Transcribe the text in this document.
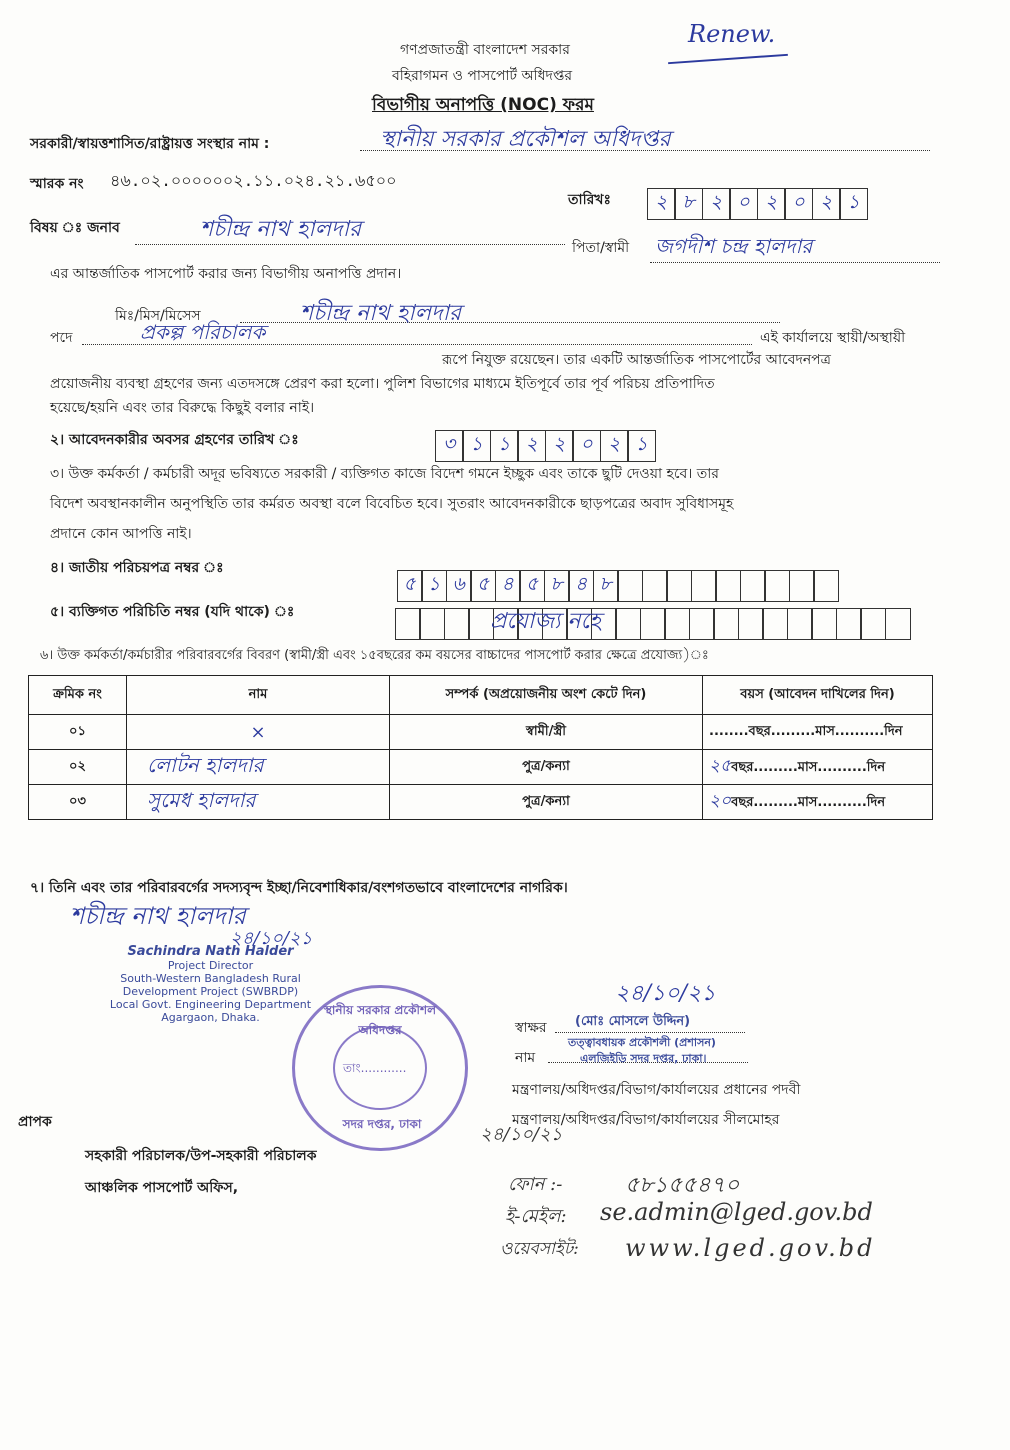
গণপ্রজাতন্ত্রী বাংলাদেশ সরকার
বহিরাগমন ও পাসপোর্ট অধিদপ্তর
বিভাগীয় অনাপত্তি (NOC) ফরম
Renew.
সরকারী/স্বায়ত্তশাসিত/রাষ্ট্রায়ত্ত সংস্থার নাম :	স্থানীয় সরকার প্রকৌশল অধিদপ্তর
স্মারক নং ৪৬.০২.০০০০০০২.১১.০২৪.২১.৬৫০০
তারিখঃ	২ ৮ ২ ০ ২ ০ ২ ১
বিষয় ঃ জনাব	শচীন্দ্র নাথ হালদার
পিতা/স্বামী জগদীশ চন্দ্র হালদার
এর আন্তর্জাতিক পাসপোর্ট করার জন্য বিভাগীয় অনাপত্তি প্রদান।
মিঃ/মিস/মিসেস	শচীন্দ্র নাথ হালদার
পদে	প্রকল্প পরিচালক	এই কার্যালয়ে স্থায়ী/অস্থায়ী
রূপে নিযুক্ত রয়েছেন। তার একটি আন্তর্জাতিক পাসপোর্টের আবেদনপত্র
প্রয়োজনীয় ব্যবস্থা গ্রহণের জন্য এতদসঙ্গে প্রেরণ করা হলো। পুলিশ বিভাগের মাধ্যমে ইতিপূর্বে তার পূর্ব পরিচয় প্রতিপাদিত
হয়েছে/হয়নি এবং তার বিরুদ্ধে কিছুই বলার নাই।
২। আবেদনকারীর অবসর গ্রহণের তারিখ ঃ	৩ ১ ১ ২ ২ ০ ২ ১
৩। উক্ত কর্মকর্তা / কর্মচারী অদূর ভবিষ্যতে সরকারী / ব্যক্তিগত কাজে বিদেশ গমনে ইচ্ছুক এবং তাকে ছুটি দেওয়া হবে। তার
বিদেশ অবস্থানকালীন অনুপস্থিতি তার কর্মরত অবস্থা বলে বিবেচিত হবে। সুতরাং আবেদনকারীকে ছাড়পত্রের অবাদ সুবিধাসমূহ
প্রদানে কোন আপত্তি নাই।
৪। জাতীয় পরিচয়পত্র নম্বর ঃ
৫ ১ ৬ ৫ ৪ ৫ ৮ ৪ ৮
৫। ব্যক্তিগত পরিচিতি নম্বর (যদি থাকে) ঃ	প্রযোজ্য নহে
৬। উক্ত কর্মকর্তা/কর্মচারীর পরিবারবর্গের বিবরণ (স্বামী/স্ত্রী এবং ১৫বছরের কম বয়সের বাচ্চাদের পাসপোর্ট করার ক্ষেত্রে প্রযোজ্য)ঃ
ক্রমিক নং	নাম	সম্পর্ক (অপ্রয়োজনীয় অংশ কেটে দিন)	বয়স (আবেদন দাখিলের দিন)
০১	×	স্বামী/স্ত্রী	........বছর.........মাস..........দিন
০২	লোটন হালদার	পুত্র/কন্যা	২৫বছর.........মাস..........দিন
০৩	সুমেধ হালদার	পুত্র/কন্যা	২০বছর.........মাস..........দিন
৭। তিনি এবং তার পরিবারবর্গের সদস্যবৃন্দ ইচ্ছা/নিবেশাধিকার/বংশগতভাবে বাংলাদেশের নাগরিক।
শচীন্দ্র নাথ হালদার
২৪/১০/২১
Sachindra Nath Halder
Project Director
South-Western Bangladesh Rural
Development Project (SWBRDP)
Local Govt. Engineering Department
Agargaon, Dhaka.
স্থানীয় সরকার প্রকৌশল অধিদপ্তর
তাং............
সদর দপ্তর, ঢাকা
২৪/১০/২১
স্বাক্ষর (মোঃ মোসলে উদ্দিন)
তত্ত্বাবধায়ক প্রকৌশলী (প্রশাসন)
নাম	এলজিইডি সদর দপ্তর, ঢাকা।
মন্ত্রণালয়/অধিদপ্তর/বিভাগ/কার্যালয়ের প্রধানের পদবী
মন্ত্রণালয়/অধিদপ্তর/বিভাগ/কার্যালয়ের সীলমোহর
২৪/১০/২১
প্রাপক
সহকারী পরিচালক/উপ-সহকারী পরিচালক
আঞ্চলিক পাসপোর্ট অফিস,	ফোন :-	৫৮১৫৫৪৭০
ই-মেইল: se.admin@lged.gov.bd
ওয়েবসাইট: www.lged.gov.bd
